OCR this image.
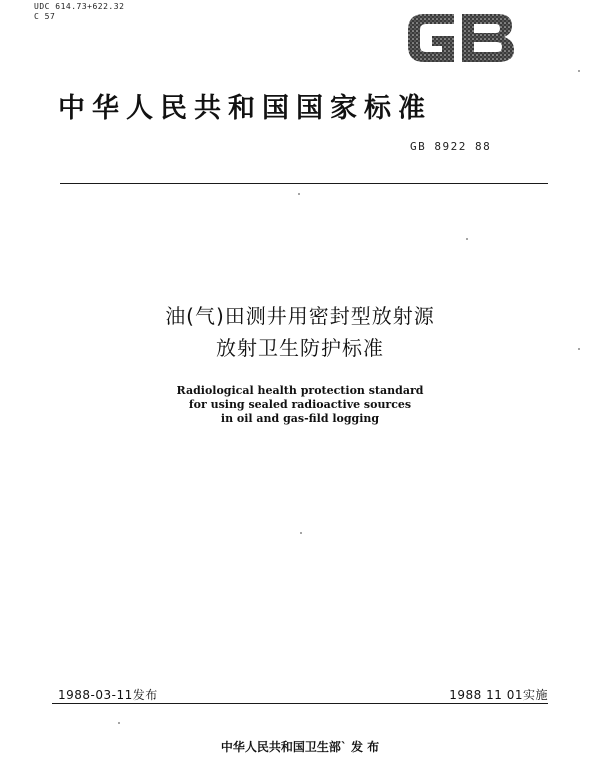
UDC 614.73+622.32
C 57
中华人民共和国国家标准
GB 8922 88
油(气)田测井用密封型放射源
放射卫生防护标准
Radiological health protection standard
for using sealed radioactive sources
in oil and gas-fild logging
1988-03-11发布	1988 11 01实施
中华人民共和国卫生部` 发 布
